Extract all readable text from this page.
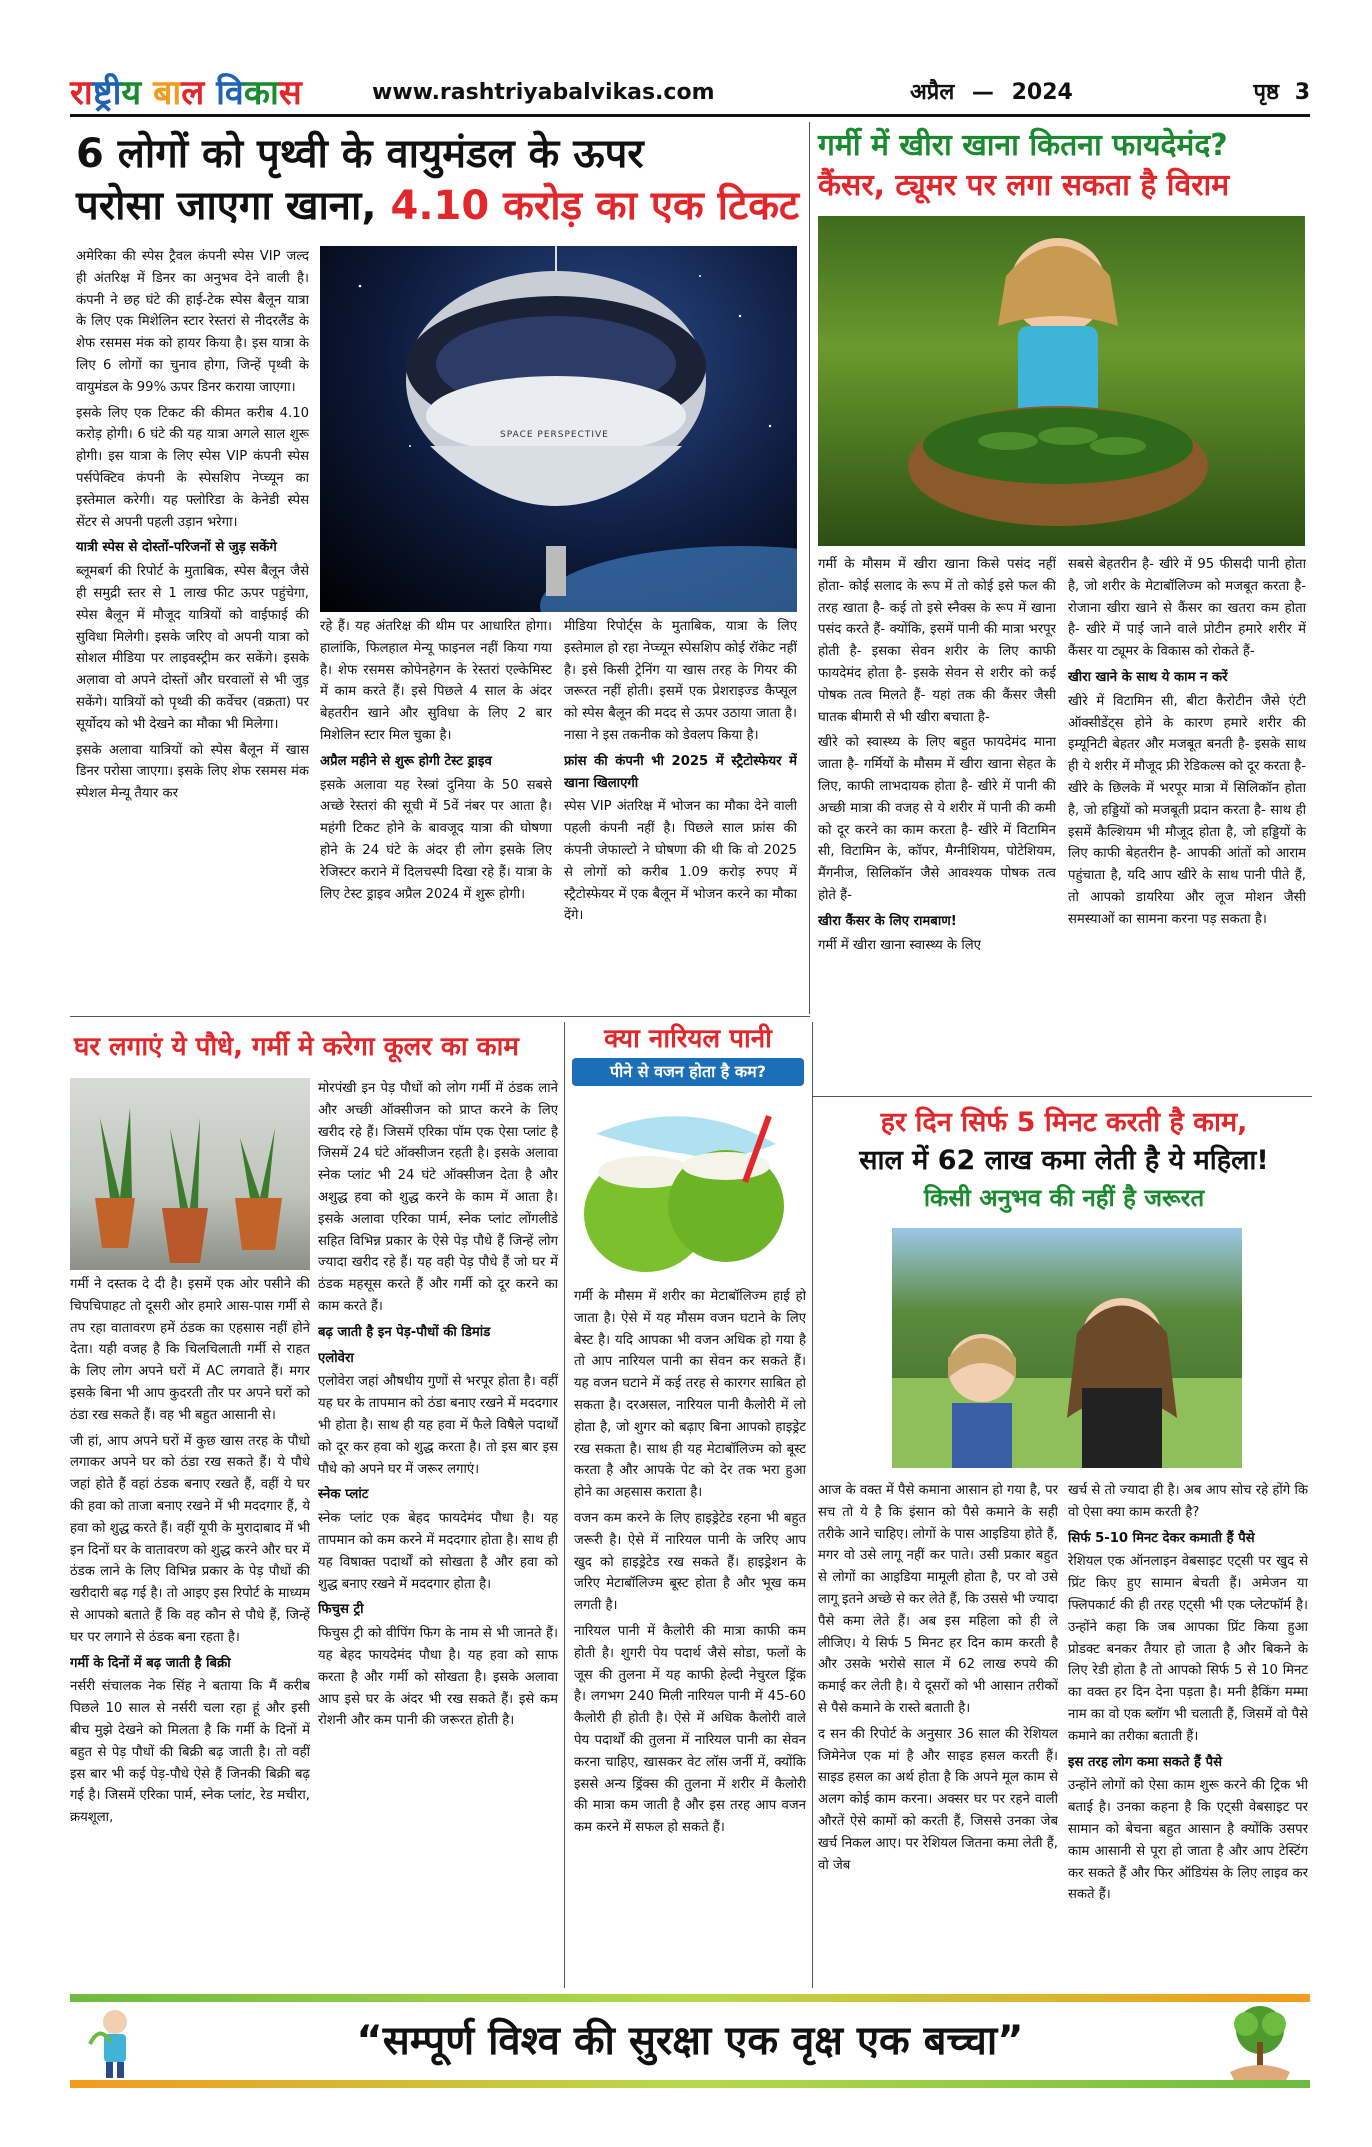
राष्ट्रीय बाल विकास	www.rashtriyabalvikas.com	अप्रैल — 2024	पृष्ठ 3
6 लोगों को पृथ्वी के वायुमंडल के ऊपर
परोसा जाएगा खाना, 4.10 करोड़ का एक टिकट
SPACE PERSPECTIVE

अमेरिका की स्पेस ट्रैवल कंपनी स्पेस VIP जल्द ही अंतरिक्ष में डिनर का अनुभव देने वाली है। कंपनी ने छह घंटे की हाई-टेक स्पेस बैलून यात्रा के लिए एक मिशेलिन स्टार रेस्तरां से नीदरलैंड के शेफ रसमस मंक को हायर किया है। इस यात्रा के लिए 6 लोगों का चुनाव होगा, जिन्हें पृथ्वी के वायुमंडल के 99% ऊपर डिनर कराया जाएगा।

इसके लिए एक टिकट की कीमत करीब 4.10 करोड़ होगी। 6 घंटे की यह यात्रा अगले साल शुरू होगी। इस यात्रा के लिए स्पेस VIP कंपनी स्पेस पर्सपेक्टिव कंपनी के स्पेसशिप नेप्च्यून का इस्तेमाल करेगी। यह फ्लोरिडा के केनेडी स्पेस सेंटर से अपनी पहली उड़ान भरेगा।

यात्री स्पेस से दोस्तों-परिजनों से जुड़ सकेंगे

ब्लूमबर्ग की रिपोर्ट के मुताबिक, स्पेस बैलून जैसे ही समुद्री स्तर से 1 लाख फीट ऊपर पहुंचेगा, स्पेस बैलून में मौजूद यात्रियों को वाईफाई की सुविधा मिलेगी। इसके जरिए वो अपनी यात्रा को सोशल मीडिया पर लाइवस्ट्रीम कर सकेंगे। इसके अलावा वो अपने दोस्तों और घरवालों से भी जुड़ सकेंगे। यात्रियों को पृथ्वी की कर्वेचर (वक्रता) पर सूर्योदय को भी देखने का मौका भी मिलेगा।

इसके अलावा यात्रियों को स्पेस बैलून में खास डिनर परोसा जाएगा। इसके लिए शेफ रसमस मंक स्पेशल मेन्यू तैयार कर

रहे हैं। यह अंतरिक्ष की थीम पर आधारित होगा। हालांकि, फिलहाल मेन्यू फाइनल नहीं किया गया है। शेफ रसमस कोपेनहेगन के रेस्तरां एल्केमिस्ट में काम करते हैं। इसे पिछले 4 साल के अंदर बेहतरीन खाने और सुविधा के लिए 2 बार मिशेलिन स्टार मिल चुका है।

अप्रैल महीने से शुरू होगी टेस्ट ड्राइव

इसके अलावा यह रेस्त्रां दुनिया के 50 सबसे अच्छे रेस्तरां की सूची में 5वें नंबर पर आता है। महंगी टिकट होने के बावजूद यात्रा की घोषणा होने के 24 घंटे के अंदर ही लोग इसके लिए रेजिस्टर कराने में दिलचस्पी दिखा रहे हैं। यात्रा के लिए टेस्ट ड्राइव अप्रैल 2024 में शुरू होगी।

मीडिया रिपोर्ट्स के मुताबिक, यात्रा के लिए इस्तेमाल हो रहा नेप्च्यून स्पेसशिप कोई रॉकेट नहीं है। इसे किसी ट्रेनिंग या खास तरह के गियर की जरूरत नहीं होती। इसमें एक प्रेशराइज्ड कैप्सूल को स्पेस बैलून की मदद से ऊपर उठाया जाता है। नासा ने इस तकनीक को डेवलप किया है।

फ्रांस की कंपनी भी 2025 में स्ट्रैटोस्फेयर में खाना खिलाएगी

स्पेस VIP अंतरिक्ष में भोजन का मौका देने वाली पहली कंपनी नहीं है। पिछले साल फ्रांस की कंपनी जेफाल्टो ने घोषणा की थी कि वो 2025 से लोगों को करीब 1.09 करोड़ रुपए में स्ट्रैटोस्फेयर में एक बैलून में भोजन करने का मौका देंगे।

गर्मी में खीरा खाना कितना फायदेमंद?
कैंसर, ट्यूमर पर लगा सकता है विराम

गर्मी के मौसम में खीरा खाना किसे पसंद नहीं होता- कोई सलाद के रूप में तो कोई इसे फल की तरह खाता है- कई तो इसे स्नैक्स के रूप में खाना पसंद करते हैं- क्योंकि, इसमें पानी की मात्रा भरपूर होती है- इसका सेवन शरीर के लिए काफी फायदेमंद होता है- इसके सेवन से शरीर को कई पोषक तत्व मिलते हैं- यहां तक की कैंसर जैसी घातक बीमारी से भी खीरा बचाता है-

खीरे को स्वास्थ्य के लिए बहुत फायदेमंद माना जाता है- गर्मियों के मौसम में खीरा खाना सेहत के लिए, काफी लाभदायक होता है- खीरे में पानी की अच्छी मात्रा की वजह से ये शरीर में पानी की कमी को दूर करने का काम करता है- खीरे में विटामिन सी, विटामिन के, कॉपर, मैग्नीशियम, पोटेशियम, मैंगनीज, सिलिकॉन जैसे आवश्यक पोषक तत्व होते हैं-

खीरा कैंसर के लिए रामबाण!

गर्मी में खीरा खाना स्वास्थ्य के लिए

सबसे बेहतरीन है- खीरे में 95 फीसदी पानी होता है, जो शरीर के मेटाबॉलिज्म को मजबूत करता है- रोजाना खीरा खाने से कैंसर का खतरा कम होता है- खीरे में पाई जाने वाले प्रोटीन हमारे शरीर में कैंसर या ट्यूमर के विकास को रोकते हैं-

खीरा खाने के साथ ये काम न करें

खीरे में विटामिन सी, बीटा कैरोटीन जैसे एंटी ऑक्सीडेंट्स होने के कारण हमारे शरीर की इम्यूनिटी बेहतर और मजबूत बनती है- इसके साथ ही ये शरीर में मौजूद फ्री रेडिकल्स को दूर करता है- खीरे के छिलके में भरपूर मात्रा में सिलिकॉन होता है, जो हड्डियों को मजबूती प्रदान करता है- साथ ही इसमें कैल्शियम भी मौजूद होता है, जो हड्डियों के लिए काफी बेहतरीन है- आपकी आंतों को आराम पहुंचाता है, यदि आप खीरे के साथ पानी पीते हैं, तो आपको डायरिया और लूज मोशन जैसी समस्याओं का सामना करना पड़ सकता है।

घर लगाएं ये पौधे, गर्मी मे करेगा कूलर का काम

मोरपंखी इन पेड़ पौधों को लोग गर्मी में ठंडक लाने और अच्छी ऑक्सीजन को प्राप्त करने के लिए खरीद रहे हैं। जिसमें एरिका पॉम एक ऐसा प्लांट है जिसमें 24 घंटे ऑक्सीजन रहती है। इसके अलावा स्नेक प्लांट भी 24 घंटे ऑक्सीजन देता है और अशुद्ध हवा को शुद्ध करने के काम में आता है। इसके अलावा एरिका पार्म, स्नेक प्लांट लोंगलीडे सहित विभिन्न प्रकार के ऐसे पेड़ पौधे हैं जिन्हें लोग ज्यादा खरीद रहे हैं। यह वही पेड़ पौधे हैं जो घर में ठंडक महसूस करते हैं और गर्मी को दूर करने का काम करते हैं।

बढ़ जाती है इन पेड़-पौधों की डिमांड
एलोवेरा

एलोवेरा जहां औषधीय गुणों से भरपूर होता है। वहीं यह घर के तापमान को ठंडा बनाए रखने में मददगार भी होता है। साथ ही यह हवा में फैले विषैले पदार्थों को दूर कर हवा को शुद्ध करता है। तो इस बार इस पौधे को अपने घर में जरूर लगाएं।

स्नेक प्लांट

स्नेक प्लांट एक बेहद फायदेमंद पौधा है। यह तापमान को कम करने में मददगार होता है। साथ ही यह विषाक्त पदार्थों को सोखता है और हवा को शुद्ध बनाए रखने में मददगार होता है।

फिचुस ट्री

फिचुस ट्री को वीपिंग फिग के नाम से भी जानते हैं। यह बेहद फायदेमंद पौधा है। यह हवा को साफ करता है और गर्मी को सोखता है। इसके अलावा आप इसे घर के अंदर भी रख सकते हैं। इसे कम रोशनी और कम पानी की जरूरत होती है।

गर्मी ने दस्तक दे दी है। इसमें एक ओर पसीने की चिपचिपाहट तो दूसरी ओर हमारे आस-पास गर्मी से तप रहा वातावरण हमें ठंडक का एहसास नहीं होने देता। यही वजह है कि चिलचिलाती गर्मी से राहत के लिए लोग अपने घरों में AC लगवाते हैं। मगर इसके बिना भी आप कुदरती तौर पर अपने घरों को ठंडा रख सकते हैं। वह भी बहुत आसानी से।

जी हां, आप अपने घरों में कुछ खास तरह के पौधो लगाकर अपने घर को ठंडा रख सकते हैं। ये पौधे जहां होते हैं वहां ठंडक बनाए रखते हैं, वहीं ये घर की हवा को ताजा बनाए रखने में भी मददगार हैं, ये हवा को शुद्ध करते हैं। वहीं यूपी के मुरादाबाद में भी इन दिनों घर के वातावरण को शुद्ध करने और घर में ठंडक लाने के लिए विभिन्न प्रकार के पेड़ पौधों की खरीदारी बढ़ गई है। तो आइए इस रिपोर्ट के माध्यम से आपको बताते हैं कि वह कौन से पौधे हैं, जिन्हें घर पर लगाने से ठंडक बना रहता है।

गर्मी के दिनों में बढ़ जाती है बिक्री

नर्सरी संचालक नेक सिंह ने बताया कि मैं करीब पिछले 10 साल से नर्सरी चला रहा हूं और इसी बीच मुझे देखने को मिलता है कि गर्मी के दिनों में बहुत से पेड़ पौधों की बिक्री बढ़ जाती है। तो वहीं इस बार भी कई पेड़-पौधे ऐसे हैं जिनकी बिक्री बढ़ गई है। जिसमें एरिका पार्म, स्नेक प्लांट, रेड मचीरा, क्रयशूला,

क्या नारियल पानी
पीने से वजन होता है कम?

गर्मी के मौसम में शरीर का मेटाबॉलिज्म हाई हो जाता है। ऐसे में यह मौसम वजन घटाने के लिए बेस्ट है। यदि आपका भी वजन अधिक हो गया है तो आप नारियल पानी का सेवन कर सकते हैं। यह वजन घटाने में कई तरह से कारगर साबित हो सकता है। दरअसल, नारियल पानी कैलोरी में लो होता है, जो शुगर को बढ़ाए बिना आपको हाइड्रेट रख सकता है। साथ ही यह मेटाबॉलिज्म को बूस्ट करता है और आपके पेट को देर तक भरा हुआ होने का अहसास कराता है।

वजन कम करने के लिए हाइड्रेटेड रहना भी बहुत जरूरी है। ऐसे में नारियल पानी के जरिए आप खुद को हाइड्रेटेड रख सकते हैं। हाइड्रेशन के जरिए मेटाबॉलिज्म बूस्ट होता है और भूख कम लगती है।

नारियल पानी में कैलोरी की मात्रा काफी कम होती है। शुगरी पेय पदार्थ जैसे सोडा, फलों के जूस की तुलना में यह काफी हेल्दी नेचुरल ड्रिंक है। लगभग 240 मिली नारियल पानी में 45-60 कैलोरी ही होती है। ऐसे में अधिक कैलोरी वाले पेय पदार्थों की तुलना में नारियल पानी का सेवन करना चाहिए, खासकर वेट लॉस जर्नी में, क्योंकि इससे अन्य ड्रिंक्स की तुलना में शरीर में कैलोरी की मात्रा कम जाती है और इस तरह आप वजन कम करने में सफल हो सकते हैं।

हर दिन सिर्फ 5 मिनट करती है काम,
साल में 62 लाख कमा लेती है ये महिला!
किसी अनुभव की नहीं है जरूरत

आज के वक्त में पैसे कमाना आसान हो गया है, पर सच तो ये है कि इंसान को पैसे कमाने के सही तरीके आने चाहिए। लोगों के पास आइडिया होते हैं, मगर वो उसे लागू नहीं कर पाते। उसी प्रकार बहुत से लोगों का आइडिया मामूली होता है, पर वो उसे लागू इतने अच्छे से कर लेते हैं, कि उससे भी ज्यादा पैसे कमा लेते हैं। अब इस महिला को ही ले लीजिए। ये सिर्फ 5 मिनट हर दिन काम करती है और उसके भरोसे साल में 62 लाख रुपये की कमाई कर लेती है। ये दूसरों को भी आसान तरीकों से पैसे कमाने के रास्ते बताती है।

द सन की रिपोर्ट के अनुसार 36 साल की रेशियल जिमेनेज एक मां है और साइड हसल करती हैं। साइड हसल का अर्थ होता है कि अपने मूल काम से अलग कोई काम करना। अक्सर घर पर रहने वाली औरतें ऐसे कामों को करती हैं, जिससे उनका जेब खर्च निकल आए। पर रेशियल जितना कमा लेती हैं, वो जेब

खर्च से तो ज्यादा ही है। अब आप सोच रहे होंगे कि वो ऐसा क्या काम करती है?

सिर्फ 5-10 मिनट देकर कमाती हैं पैसे

रेशियल एक ऑनलाइन वेबसाइट एट्सी पर खुद से प्रिंट किए हुए सामान बेचती हैं। अमेजन या फ्लिपकार्ट की ही तरह एट्सी भी एक प्लेटफॉर्म है। उन्होंने कहा कि जब आपका प्रिंट किया हुआ प्रोडक्ट बनकर तैयार हो जाता है और बिकने के लिए रेडी होता है तो आपको सिर्फ 5 से 10 मिनट का वक्त हर दिन देना पड़ता है। मनी हैकिंग मम्मा नाम का वो एक ब्लॉग भी चलाती हैं, जिसमें वो पैसे कमाने का तरीका बताती हैं।

इस तरह लोग कमा सकते हैं पैसे

उन्होंने लोगों को ऐसा काम शुरू करने की ट्रिक भी बताई है। उनका कहना है कि एट्सी वेबसाइट पर सामान को बेचना बहुत आसान है क्योंकि उसपर काम आसानी से पूरा हो जाता है और आप टेस्टिंग कर सकते हैं और फिर ऑडियंस के लिए लाइव कर सकते हैं।

“सम्पूर्ण विश्व की सुरक्षा एक वृक्ष एक बच्चा”
